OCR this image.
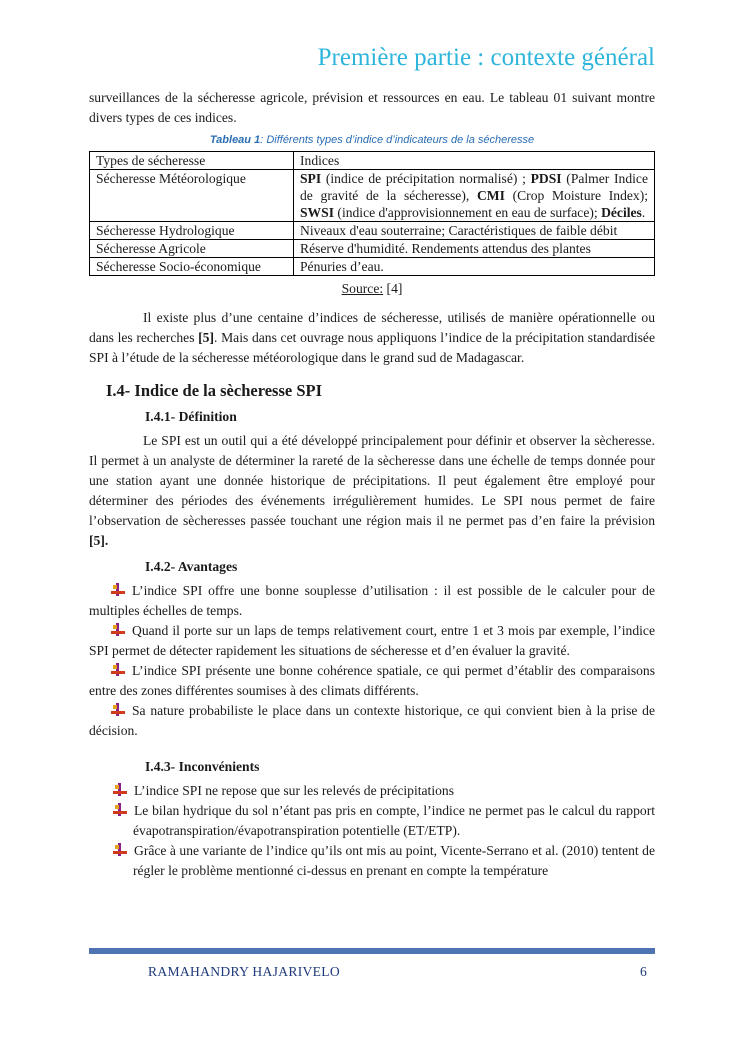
Première partie : contexte général

surveillances de la sécheresse agricole, prévision et ressources en eau. Le tableau 01 suivant montre divers types de ces indices.

Tableau 1: Différents types d’indice d’indicateurs de la sécheresse
Types de sécheresse	Indices
Sécheresse Météorologique	SPI (indice de précipitation normalisé) ; PDSI (Palmer Indice de gravité de la sécheresse), CMI (Crop Moisture Index); SWSI (indice d'approvisionnement en eau de surface); Déciles.
Sécheresse Hydrologique	Niveaux d'eau souterraine; Caractéristiques de faible débit
Sécheresse Agricole	Réserve d'humidité. Rendements attendus des plantes
Sécheresse Socio-économique	Pénuries d’eau.
Source: [4]

Il existe plus d’une centaine d’indices de sécheresse, utilisés de manière opérationnelle ou dans les recherches [5]. Mais dans cet ouvrage nous appliquons l’indice de la précipitation standardisée SPI à l’étude de la sécheresse météorologique dans le grand sud de Madagascar.

I.4- Indice de la sècheresse SPI
I.4.1- Définition

Le SPI est un outil qui a été développé principalement pour définir et observer la sècheresse. Il permet à un analyste de déterminer la rareté de la sècheresse dans une échelle de temps donnée pour une station ayant une donnée historique de précipitations. Il peut également être employé pour déterminer des périodes des événements irrégulièrement humides. Le SPI nous permet de faire l’observation de sècheresses passée touchant une région mais il ne permet pas d’en faire la prévision [5].

I.4.2- Avantages

L’indice SPI offre une bonne souplesse d’utilisation : il est possible de le calculer pour de multiples échelles de temps.

Quand il porte sur un laps de temps relativement court, entre 1 et 3 mois par exemple, l’indice SPI permet de détecter rapidement les situations de sécheresse et d’en évaluer la gravité.

L’indice SPI présente une bonne cohérence spatiale, ce qui permet d’établir des comparaisons entre des zones différentes soumises à des climats différents.

Sa nature probabiliste le place dans un contexte historique, ce qui convient bien à la prise de décision.

I.4.3- Inconvénients

L’indice SPI ne repose que sur les relevés de précipitations

Le bilan hydrique du sol n’étant pas pris en compte, l’indice ne permet pas le calcul du rapport évapotranspiration/évapotranspiration potentielle (ET/ETP).

Grâce à une variante de l’indice qu’ils ont mis au point, Vicente-Serrano et al. (2010) tentent de régler le problème mentionné ci-dessus en prenant en compte la température

RAMAHANDRY HAJARIVELO	6
